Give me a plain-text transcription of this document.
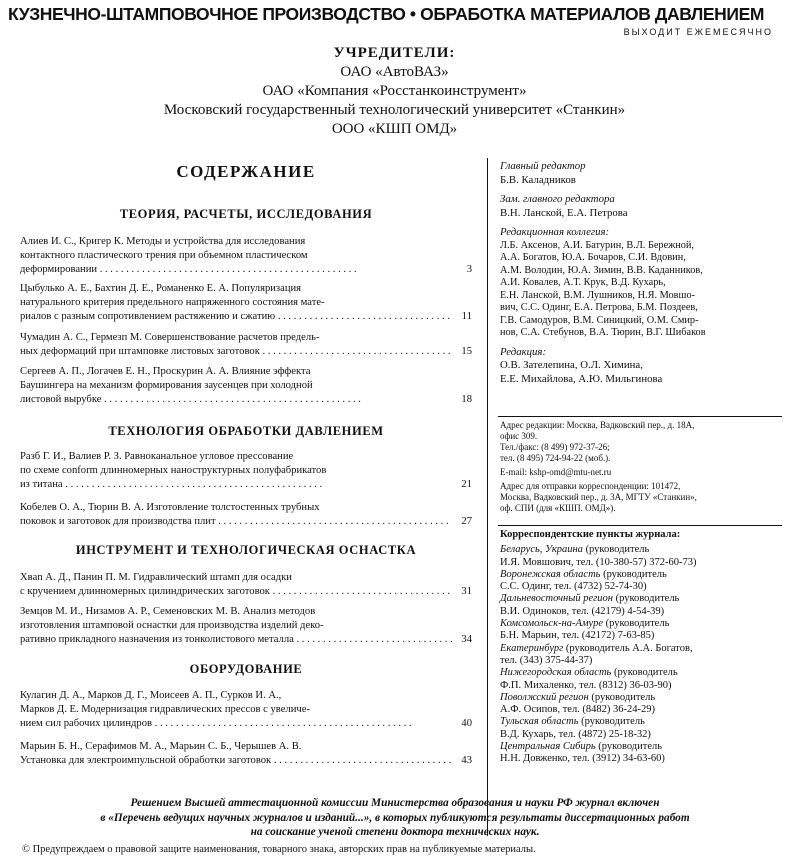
КУЗНЕЧНО-ШТАМПОВОЧНОЕ ПРОИЗВОДСТВО • ОБРАБОТКА МАТЕРИАЛОВ ДАВЛЕНИЕМ
ВЫХОДИТ ЕЖЕМЕСЯЧНО
УЧРЕДИТЕЛИ:
ОАО «АвтоВАЗ»
ОАО «Компания «Росстанкоинструмент»
Московский государственный технологический университет «Станкин»
ООО «КШП ОМД»
СОДЕРЖАНИЕ
ТЕОРИЯ, РАСЧЕТЫ, ИССЛЕДОВАНИЯ
Алиев И. С., Кригер К. Методы и устройства для исследования
контактного пластического трения при объемном пластическом
деформировании . . .	3
Цыбулько А. Е., Бахтин Д. Е., Романенко Е. А. Популяризация
натурального критерия предельного напряженного состояния мате-
риалов с разным сопротивлением растяжению и сжатию . . .	11
Чумадин А. С., Гермезп М. Совершенствование расчетов предель-
ных деформаций при штамповке листовых заготовок . . .	15
Сергеев А. П., Логачев Е. Н., Проскурин А. А. Влияние эффекта
Баушингера на механизм формирования заусенцев при холодной
листовой вырубке . . .	18
ТЕХНОЛОГИЯ ОБРАБОТКИ ДАВЛЕНИЕМ
Разб Г. И., Валиев Р. З. Равноканальное угловое прессование
по схеме conform длинномерных наноструктурных полуфабрикатов
из титана . . .	21
Кобелев О. А., Тюрин В. А. Изготовление толстостенных трубных
поковок и заготовок для производства плит . . .	27
ИНСТРУМЕНТ И ТЕХНОЛОГИЧЕСКАЯ ОСНАСТКА
Хвan А. Д., Панин П. М. Гидравлический штамп для осадки
с кручением длинномерных цилиндрических заготовок . . .	31
Земцов М. И., Низамов А. Р., Семеновских М. В. Анализ методов
изготовления штамповой оснастки для производства изделий деко-
ративно прикладного назначения из тонколистового металла . . .	34
ОБОРУДОВАНИЕ
Кулагин Д. А., Марков Д. Г., Моисеев А. П., Сурков И. А.,
Марков Д. Е. Модернизация гидравлических прессов с увеличе-
нием сил рабочих цилиндров . . .	40
Марьин Б. Н., Серафимов М. А., Марьин С. Б., Черышев А. В.
Установка для электроимпульсной обработки заготовок . . .	43
Главный редактор
Б.В. Каладников
Зам. главного редактора
В.Н. Ланской, Е.А. Петрова
Редакционная коллегия:
Л.Б. Аксенов, А.И. Батурин, В.Л. Бережной,
А.А. Богатов, Ю.А. Бочаров, С.И. Вдовин,
А.М. Володин, Ю.А. Зимин, В.В. Каданников,
А.И. Ковалев, А.Т. Крук, В.Д. Кухарь,
Е.Н. Ланской, В.М. Лушников, Н.Я. Мовшо-
вич, С.С. Одинг, Е.А. Петрова, Б.М. Поздеев,
Г.В. Самодуров, В.М. Синицкий, О.М. Смир-
нов, С.А. Стебунов, В.А. Тюрин, В.Г. Шибаков
Редакция:
О.В. Зателепина, О.Л. Химина,
Е.Е. Михайлова, А.Ю. Мильгинова
Адрес редакции: Москва, Вадковский пер., д. 18А,
офис 309.
Тел./факс: (8 499) 972-37-26;
тел. (8 495) 724-94-22 (моб.).
E-mail: kshp-omd@mtu-net.ru
Адрес для отправки корреспонденции: 101472,
Москва, Вадковский пер., д. 3А, МГТУ «Станкин»,
оф. СПИ (для «КШП. ОМД»).
Корреспондентские пункты журнала:
Беларусь, Украина (руководитель
И.Я. Мовшович, тел. (10-380-57) 372-60-73)
Воронежская область (руководитель
С.С. Одинг, тел. (4732) 52-74-30)
Дальневосточный регион (руководитель
В.И. Одиноков, тел. (42179) 4-54-39)
Комсомольск-на-Амуре (руководитель
Б.Н. Марьин, тел. (42172) 7-63-85)
Екатеринбург (руководитель А.А. Богатов,
тел. (343) 375-44-37)
Нижегородская область (руководитель
Ф.П. Михаленко, тел. (8312) 36-03-90)
Поволжский регион (руководитель
А.Ф. Осипов, тел. (8482) 36-24-29)
Тульская область (руководитель
В.Д. Кухарь, тел. (4872) 25-18-32)
Центральная Сибирь (руководитель
Н.Н. Довженко, тел. (3912) 34-63-60)
Решением Высшей аттестационной комиссии Министерства образования и науки РФ журнал включен
в «Перечень ведущих научных журналов и изданий...», в которых публикуются результаты диссертационных работ
на соискание ученой степени доктора технических наук.
© Предупреждаем о правовой защите наименования, товарного знака, авторских прав на публикуемые материалы.
